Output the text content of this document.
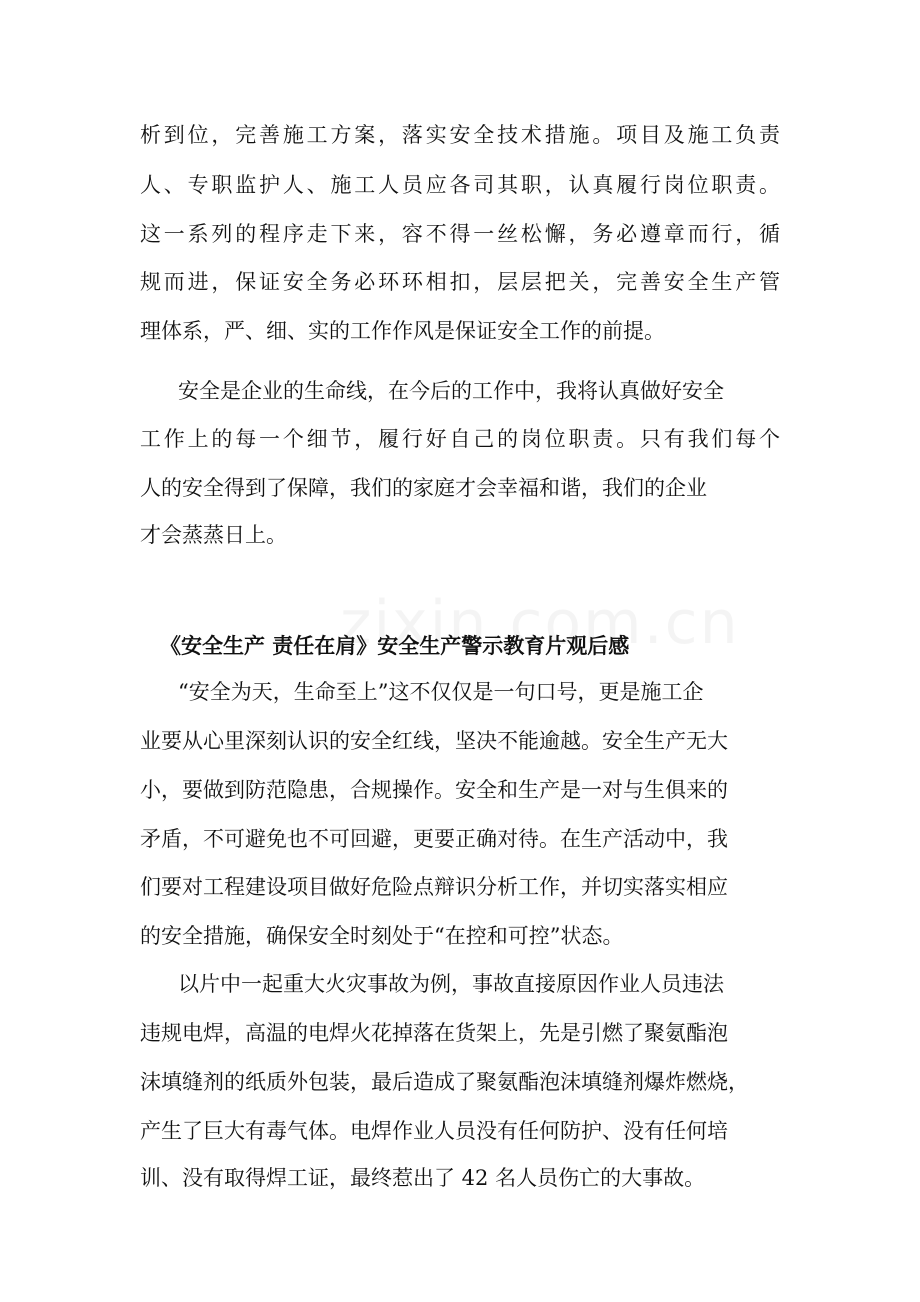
析到位，完善施工方案，落实安全技术措施。项目及施工负责

人、专职监护人、施工人员应各司其职，认真履行岗位职责。

这一系列的程序走下来，容不得一丝松懈，务必遵章而行，循

规而进，保证安全务必环环相扣，层层把关，完善安全生产管

理体系，严、细、实的工作作风是保证安全工作的前提。

安全是企业的生命线，在今后的工作中，我将认真做好安全

工作上的每一个细节，履行好自己的岗位职责。只有我们每个

人的安全得到了保障，我们的家庭才会幸福和谐，我们的企业

才会蒸蒸日上。

《安全生产 责任在肩》安全生产警示教育片观后感

“安全为天，生命至上”这不仅仅是一句口号，更是施工企

业要从心里深刻认识的安全红线，坚决不能逾越。安全生产无大

小，要做到防范隐患，合规操作。安全和生产是一对与生俱来的

矛盾，不可避免也不可回避，更要正确对待。在生产活动中，我

们要对工程建设项目做好危险点辩识分析工作，并切实落实相应

的安全措施，确保安全时刻处于“在控和可控”状态。

以片中一起重大火灾事故为例，事故直接原因作业人员违法

违规电焊，高温的电焊火花掉落在货架上，先是引燃了聚氨酯泡

沫填缝剂的纸质外包装，最后造成了聚氨酯泡沫填缝剂爆炸燃烧，

产生了巨大有毒气体。电焊作业人员没有任何防护、没有任何培

训、没有取得焊工证，最终惹出了 42 名人员伤亡的大事故。
